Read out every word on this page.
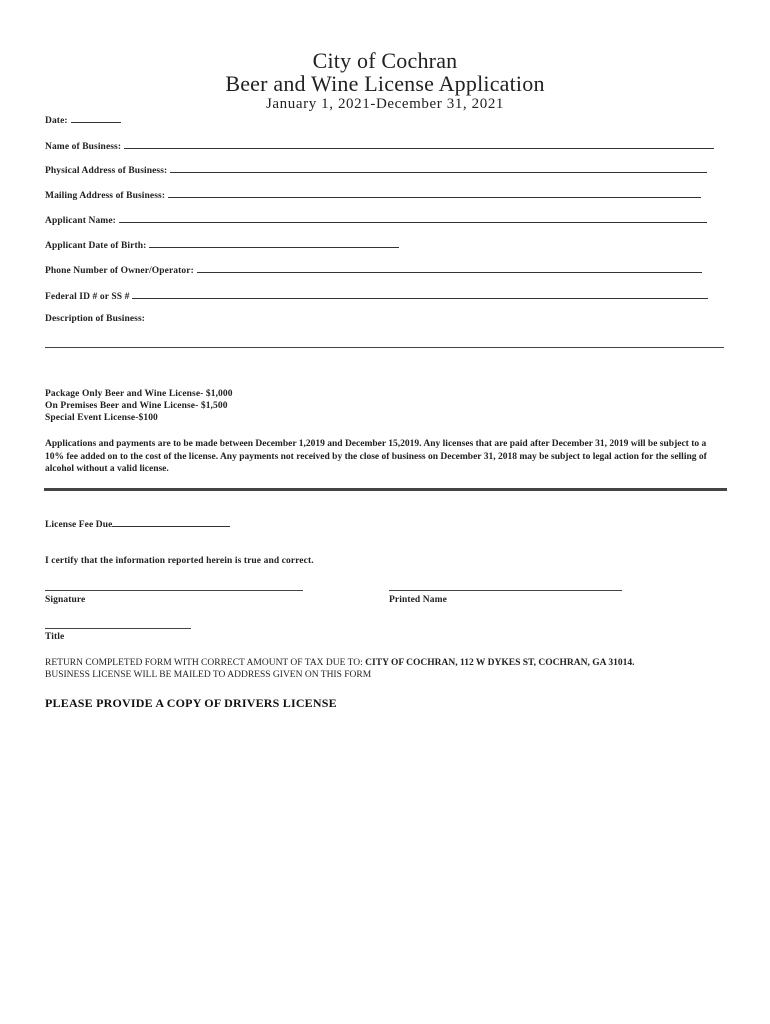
City of Cochran
Beer and Wine License Application
January 1, 2021-December 31, 2021
Date:
Name of Business:
Physical Address of Business:
Mailing Address of Business:
Applicant Name:
Applicant Date of Birth:
Phone Number of Owner/Operator:
Federal ID # or SS #
Description of Business:
Package Only Beer and Wine License- $1,000
On Premises Beer and Wine License- $1,500
Special Event License-$100
Applications and payments are to be made between December 1,2019 and December 15,2019. Any licenses that are paid after December 31, 2019 will be subject to a 10% fee added on to the cost of the license. Any payments not received by the close of business on December 31, 2018 may be subject to legal action for the selling of alcohol without a valid license.
License Fee Due
I certify that the information reported herein is true and correct.
Signature	Printed Name
Title
RETURN COMPLETED FORM WITH CORRECT AMOUNT OF TAX DUE TO: CITY OF COCHRAN, 112 W DYKES ST, COCHRAN, GA 31014.
BUSINESS LICENSE WILL BE MAILED TO ADDRESS GIVEN ON THIS FORM
PLEASE PROVIDE A COPY OF DRIVERS LICENSE
